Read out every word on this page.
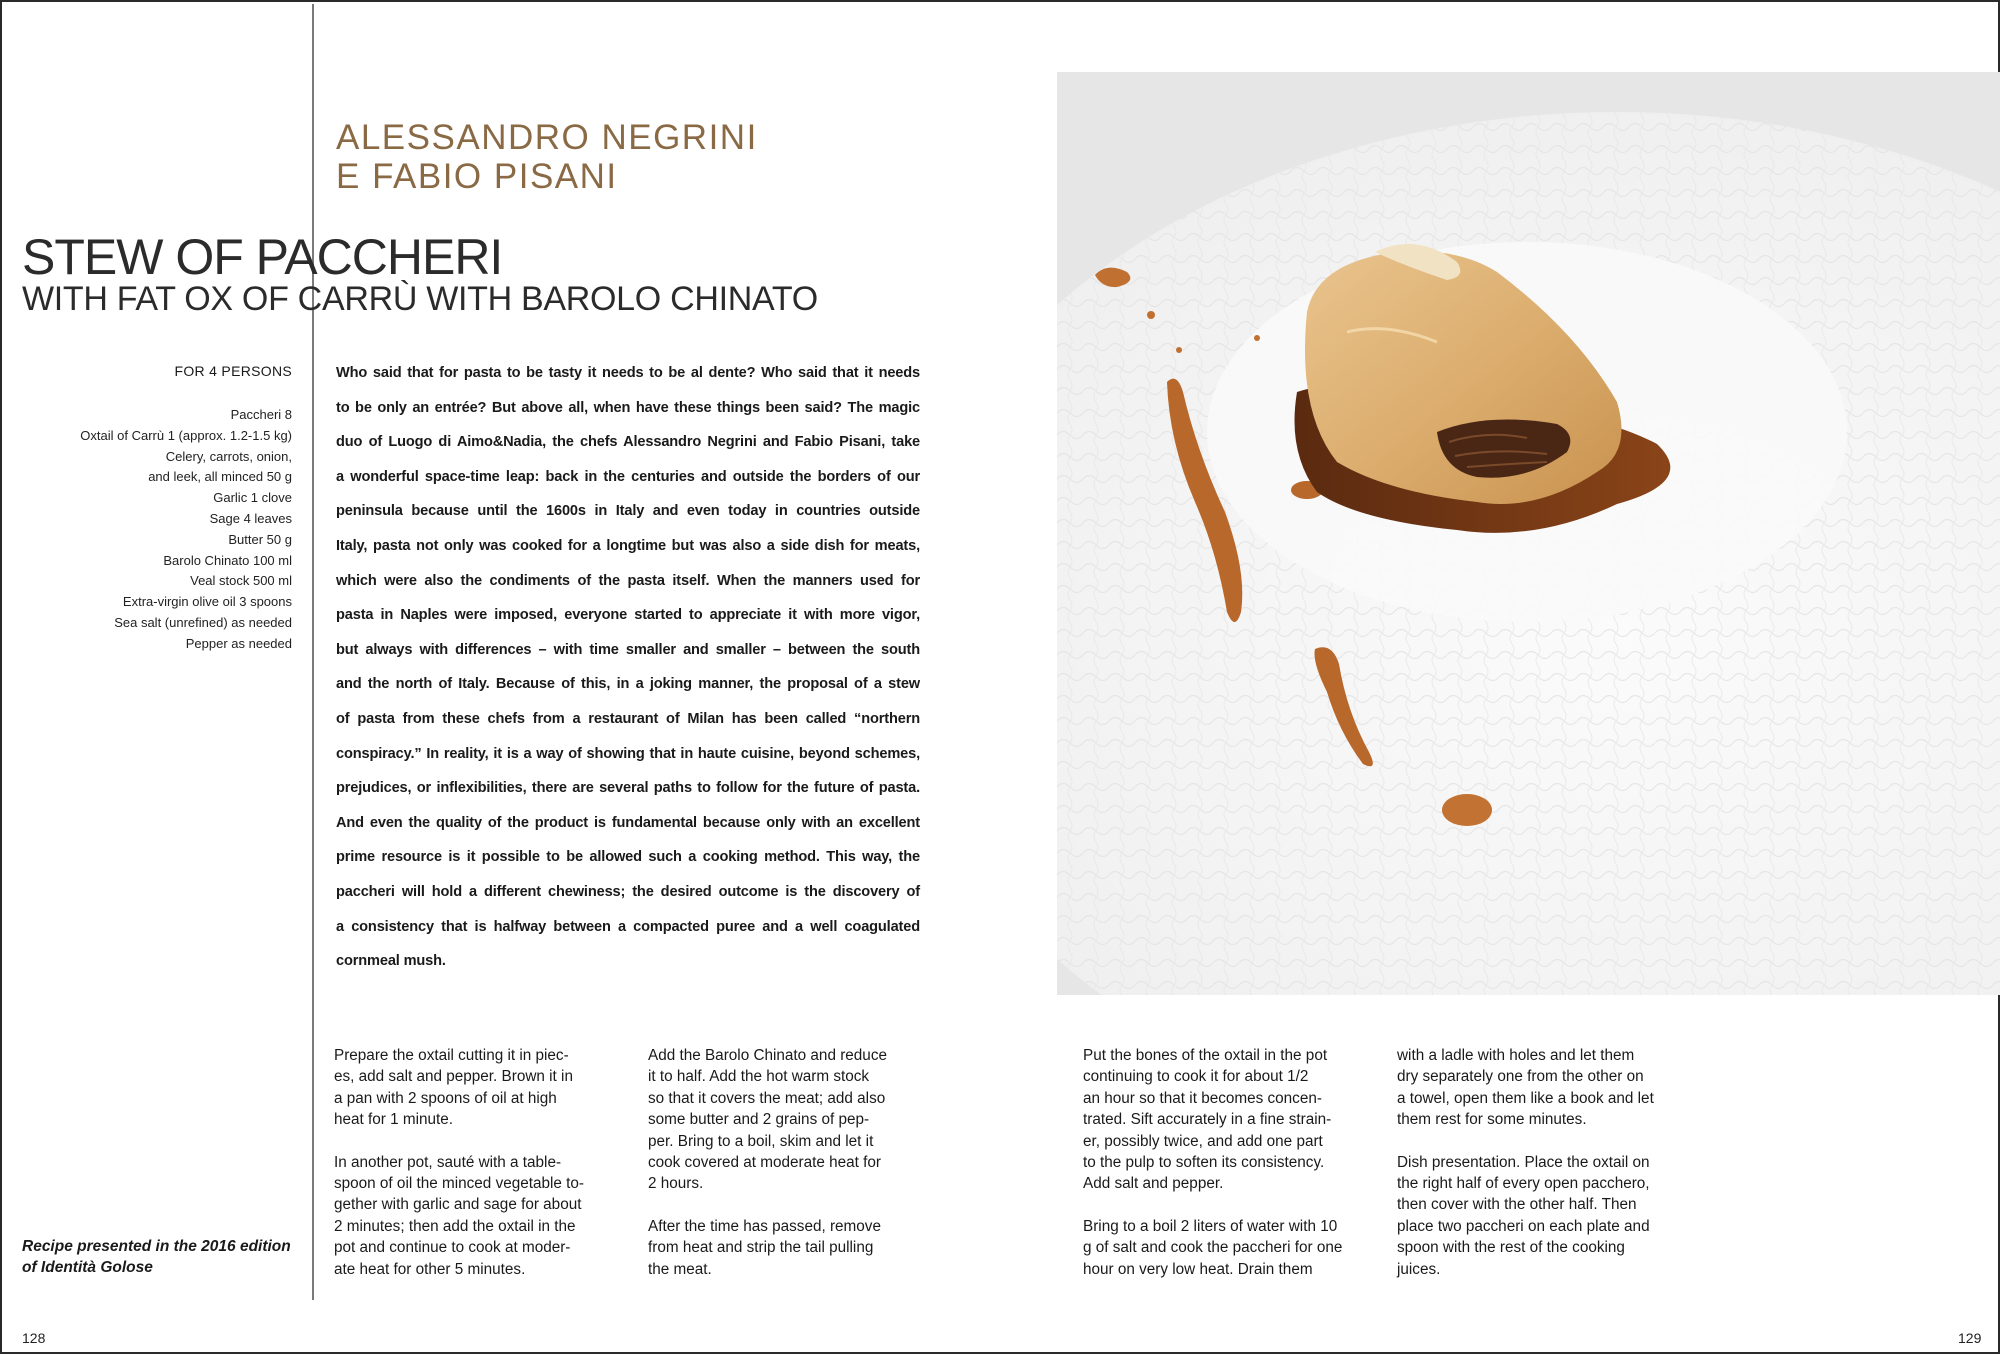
ALESSANDRO NEGRINI
E FABIO PISANI
STEW OF PACCHERI
WITH FAT OX OF CARRÙ WITH BAROLO CHINATO
FOR 4 PERSONS
Paccheri 8
Oxtail of Carrù 1 (approx. 1.2-1.5 kg)
Celery, carrots, onion,
and leek, all minced 50 g
Garlic 1 clove
Sage 4 leaves
Butter 50 g
Barolo Chinato 100 ml
Veal stock 500 ml
Extra-virgin olive oil 3 spoons
Sea salt (unrefined) as needed
Pepper as needed
Who said that for pasta to be tasty it needs to be al dente? Who said that it needs
to be only an entrée? But above all, when have these things been said? The magic
duo of Luogo di Aimo&Nadia, the chefs Alessandro Negrini and Fabio Pisani, take
a wonderful space-time leap: back in the centuries and outside the borders of our
peninsula because until the 1600s in Italy and even today in countries outside
Italy, pasta not only was cooked for a longtime but was also a side dish for meats,
which were also the condiments of the pasta itself. When the manners used for
pasta in Naples were imposed, everyone started to appreciate it with more vigor,
but always with differences – with time smaller and smaller – between the south
and the north of Italy. Because of this, in a joking manner, the proposal of a stew
of pasta from these chefs from a restaurant of Milan has been called “northern
conspiracy.” In reality, it is a way of showing that in haute cuisine, beyond schemes,
prejudices, or inflexibilities, there are several paths to follow for the future of pasta.
And even the quality of the product is fundamental because only with an excellent
prime resource is it possible to be allowed such a cooking method. This way, the
paccheri will hold a different chewiness; the desired outcome is the discovery of
a consistency that is halfway between a compacted puree and a well coagulated
cornmeal mush.
Recipe presented in the 2016 edition
of Identità Golose

Prepare the oxtail cutting it in piec-
es, add salt and pepper. Brown it in
a pan with 2 spoons of oil at high
heat for 1 minute.

In another pot, sauté with a table-
spoon of oil the minced vegetable to-
gether with garlic and sage for about
2 minutes; then add the oxtail in the
pot and continue to cook at moder-
ate heat for other 5 minutes.

Add the Barolo Chinato and reduce
it to half. Add the hot warm stock
so that it covers the meat; add also
some butter and 2 grains of pep-
per. Bring to a boil, skim and let it
cook covered at moderate heat for
2 hours.

After the time has passed, remove
from heat and strip the tail pulling
the meat.

Put the bones of the oxtail in the pot
continuing to cook it for about 1/2
an hour so that it becomes concen-
trated. Sift accurately in a fine strain-
er, possibly twice, and add one part
to the pulp to soften its consistency.
Add salt and pepper.

Bring to a boil 2 liters of water with 10
g of salt and cook the paccheri for one
hour on very low heat. Drain them

with a ladle with holes and let them
dry separately one from the other on
a towel, open them like a book and let
them rest for some minutes.

Dish presentation. Place the oxtail on
the right half of every open pacchero,
then cover with the other half. Then
place two paccheri on each plate and
spoon with the rest of the cooking
juices.

128	129
